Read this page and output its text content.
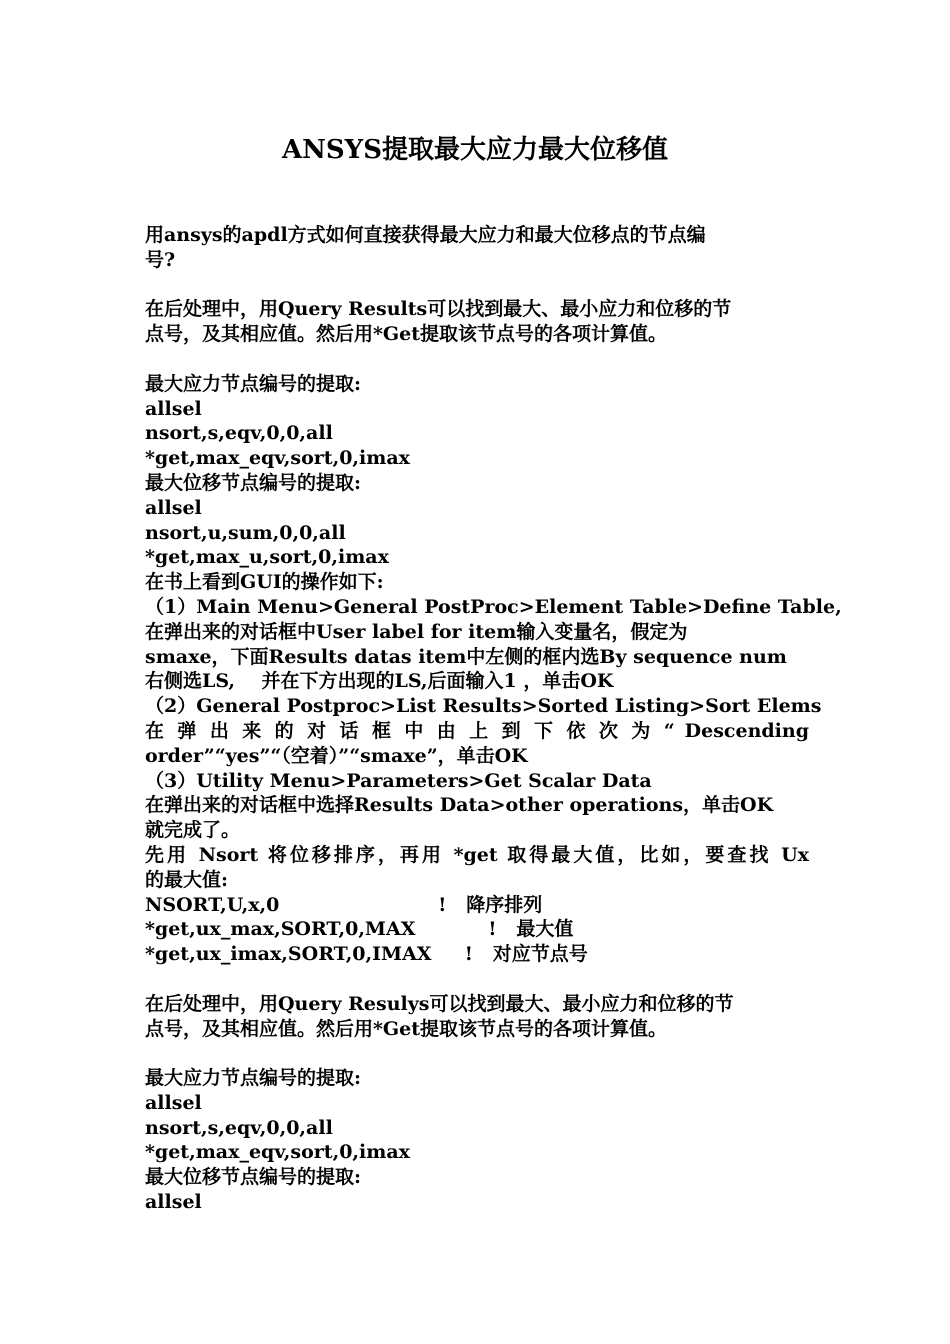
ANSYS提取最大应力最大位移值
用ansys的apdl方式如何直接获得最大应力和最大位移点的节点编
号?
在后处理中，用Query Results可以找到最大、最小应力和位移的节
点号，及其相应值。然后用*Get提取该节点号的各项计算值。
最大应力节点编号的提取:
allsel
nsort,s,eqv,0,0,all
*get,max_eqv,sort,0,imax
最大位移节点编号的提取:
allsel
nsort,u,sum,0,0,all
*get,max_u,sort,0,imax
在书上看到GUI的操作如下:
（1）Main Menu>General PostProc>Element Table>Define Table,
在弹出来的对话框中User label for item输入变量名，假定为
smaxe，下面Results datas item中左侧的框内选By sequence num
右侧选LS,    并在下方出现的LS,后面输入1 ，单击OK
（2）General Postproc>List Results>Sorted Listing>Sort Elems
在 弹 出 来 的 对 话 框 中 由 上 到 下 依 次 为 “ Descending
order”“yes”“（空着）”“smaxe”，单击OK
（3）Utility Menu>Parameters>Get Scalar Data
在弹出来的对话框中选择Results Data>other operations，单击OK
就完成了。
先用 Nsort 将位移排序，再用 *get 取得最大值，比如，要查找 Ux
的最大值:
NSORT,U,x,0                        !   降序排列
*get,ux_max,SORT,0,MAX           !   最大值
*get,ux_imax,SORT,0,IMAX     !   对应节点号
在后处理中，用Query Resulys可以找到最大、最小应力和位移的节
点号，及其相应值。然后用*Get提取该节点号的各项计算值。
最大应力节点编号的提取:
allsel
nsort,s,eqv,0,0,all
*get,max_eqv,sort,0,imax
最大位移节点编号的提取:
allsel
